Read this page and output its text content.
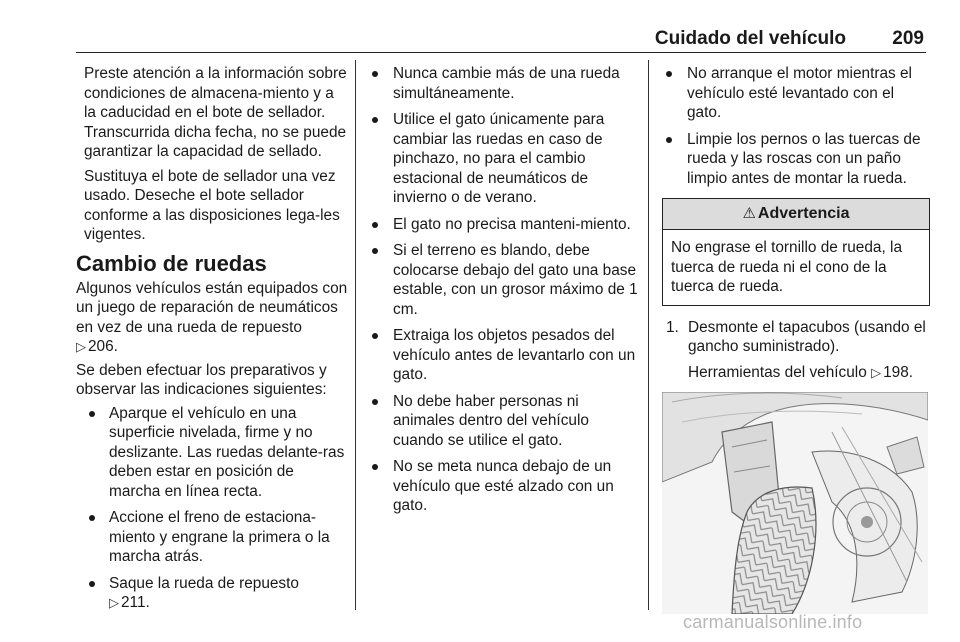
Cuidado del vehículo 209

Preste atención a la información sobre condiciones de almacena-miento y a la caducidad en el bote de sellador. Transcurrida dicha fecha, no se puede garantizar la capacidad de sellado.

Sustituya el bote de sellador una vez usado. Deseche el bote sellador conforme a las disposiciones lega-les vigentes.

Cambio de ruedas

Algunos vehículos están equipados con un juego de reparación de neumáticos en vez de una rueda de repuesto ▷ 206.

Se deben efectuar los preparativos y observar las indicaciones siguientes:

Aparque el vehículo en una superficie nivelada, firme y no deslizante. Las ruedas delante-ras deben estar en posición de marcha en línea recta.
Accione el freno de estaciona-miento y engrane la primera o la marcha atrás.
Saque la rueda de repuesto
▷ 211.
Nunca cambie más de una rueda simultáneamente.
Utilice el gato únicamente para cambiar las ruedas en caso de pinchazo, no para el cambio estacional de neumáticos de invierno o de verano.
El gato no precisa manteni-miento.
Si el terreno es blando, debe colocarse debajo del gato una base estable, con un grosor máximo de 1 cm.
Extraiga los objetos pesados del vehículo antes de levantarlo con un gato.
No debe haber personas ni animales dentro del vehículo cuando se utilice el gato.
No se meta nunca debajo de un vehículo que esté alzado con un gato.
No arranque el motor mientras el vehículo esté levantado con el gato.
Limpie los pernos o las tuercas de rueda y las roscas con un paño limpio antes de montar la rueda.
⚠ Advertencia
No engrase el tornillo de rueda, la tuerca de rueda ni el cono de la tuerca de rueda.
1. Desmonte el tapacubos (usando el gancho suministrado).

Herramientas del vehículo ▷ 198.

carmanualsonline.info
